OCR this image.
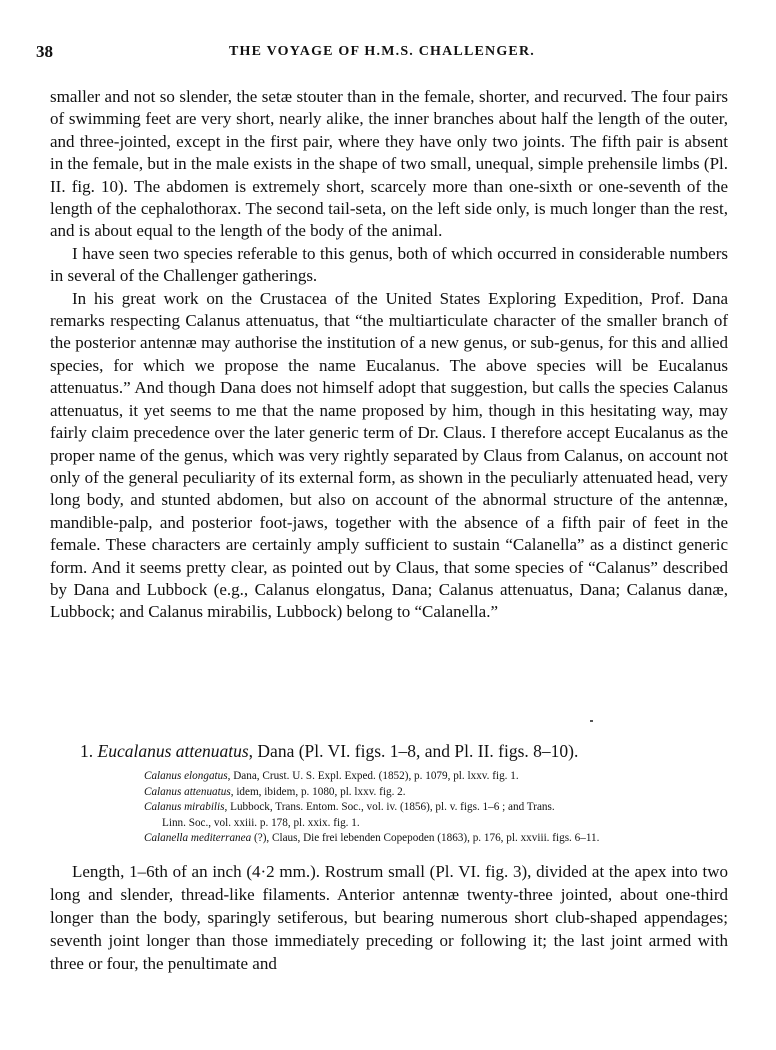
38	THE VOYAGE OF H.M.S. CHALLENGER.

smaller and not so slender, the setæ stouter than in the female, shorter, and recurved. The four pairs of swimming feet are very short, nearly alike, the inner branches about half the length of the outer, and three-jointed, except in the first pair, where they have only two joints. The fifth pair is absent in the female, but in the male exists in the shape of two small, unequal, simple prehensile limbs (Pl. II. fig. 10). The abdomen is extremely short, scarcely more than one-sixth or one-seventh of the length of the cephalothorax. The second tail-seta, on the left side only, is much longer than the rest, and is about equal to the length of the body of the animal.

I have seen two species referable to this genus, both of which occurred in considerable numbers in several of the Challenger gatherings.

In his great work on the Crustacea of the United States Exploring Expedition, Prof. Dana remarks respecting Calanus attenuatus, that “the multiarticulate character of the smaller branch of the posterior antennæ may authorise the institution of a new genus, or sub-genus, for this and allied species, for which we propose the name Eucalanus. The above species will be Eucalanus attenuatus.” And though Dana does not himself adopt that suggestion, but calls the species Calanus attenuatus, it yet seems to me that the name proposed by him, though in this hesitating way, may fairly claim precedence over the later generic term of Dr. Claus. I therefore accept Eucalanus as the proper name of the genus, which was very rightly separated by Claus from Calanus, on account not only of the general peculiarity of its external form, as shown in the peculiarly attenuated head, very long body, and stunted abdomen, but also on account of the abnormal structure of the antennæ, mandible-palp, and posterior foot-jaws, together with the absence of a fifth pair of feet in the female. These characters are certainly amply sufficient to sustain “Calanella” as a distinct generic form. And it seems pretty clear, as pointed out by Claus, that some species of “Calanus” described by Dana and Lubbock (e.g., Calanus elongatus, Dana; Calanus attenuatus, Dana; Calanus danæ, Lubbock; and Calanus mirabilis, Lubbock) belong to “Calanella.”

1. Eucalanus attenuatus, Dana (Pl. VI. figs. 1–8, and Pl. II. figs. 8–10).
Calanus elongatus, Dana, Crust. U. S. Expl. Exped. (1852), p. 1079, pl. lxxv. fig. 1.
Calanus attenuatus, idem, ibidem, p. 1080, pl. lxxv. fig. 2.
Calanus mirabilis, Lubbock, Trans. Entom. Soc., vol. iv. (1856), pl. v. figs. 1–6 ; and Trans.
Linn. Soc., vol. xxiii. p. 178, pl. xxix. fig. 1.
Calanella mediterranea (?), Claus, Die frei lebenden Copepoden (1863), p. 176, pl. xxviii. figs. 6–11.

Length, 1–6th of an inch (4·2 mm.). Rostrum small (Pl. VI. fig. 3), divided at the apex into two long and slender, thread-like filaments. Anterior antennæ twenty-three jointed, about one-third longer than the body, sparingly setiferous, but bearing numerous short club-shaped appendages; seventh joint longer than those immediately preceding or following it; the last joint armed with three or four, the penultimate and
